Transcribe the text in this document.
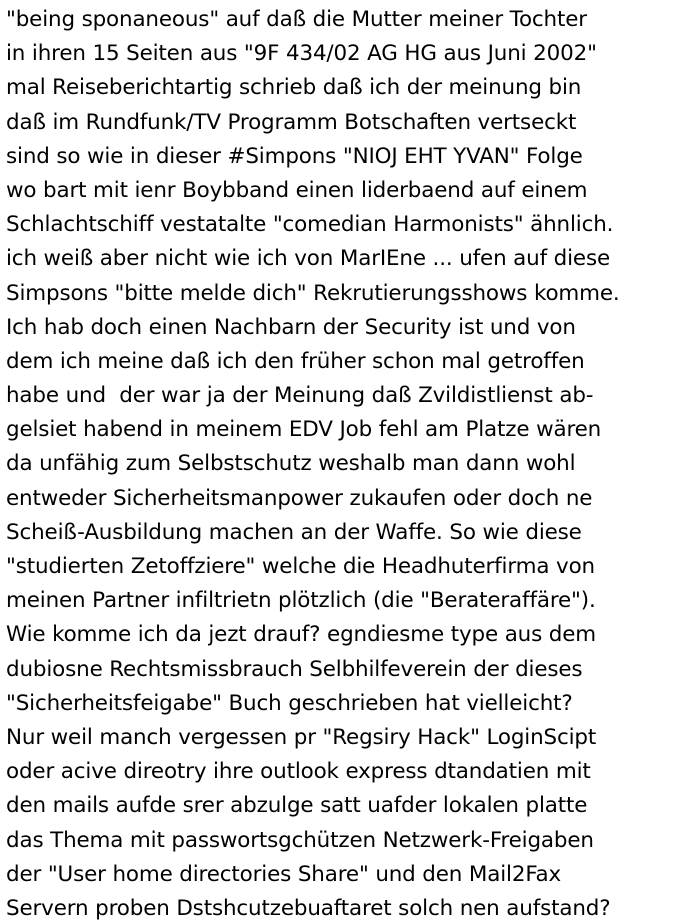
"being sponaneous" auf daß die Mutter meiner Tochter
in ihren 15 Seiten aus "9F 434/02 AG HG aus Juni 2002"
mal Reiseberichtartig schrieb daß ich der meinung bin
daß im Rundfunk/TV Programm Botschaften vertseckt
sind so wie in dieser #Simpons "NIOJ EHT YVAN" Folge
wo bart mit ienr Boybband einen liderbaend auf einem
Schlachtschiff vestatalte "comedian Harmonists" ähnlich.
ich weiß aber nicht wie ich von MarIEne ... ufen auf diese
Simpsons "bitte melde dich" Rekrutierungsshows komme.
Ich hab doch einen Nachbarn der Security ist und von
dem ich meine daß ich den früher schon mal getroffen
habe und  der war ja der Meinung daß Zvildistlienst ab-
gelsiet habend in meinem EDV Job fehl am Platze wären
da unfähig zum Selbstschutz weshalb man dann wohl
entweder Sicherheitsmanpower zukaufen oder doch ne
Scheiß-Ausbildung machen an der Waffe. So wie diese
"studierten Zetoffziere" welche die Headhuterfirma von
meinen Partner infiltrietn plötzlich (die "Berateraffäre").
Wie komme ich da jezt drauf? egndiesme type aus dem
dubiosne Rechtsmissbrauch Selbhilfeverein der dieses
"Sicherheitsfeigabe" Buch geschrieben hat vielleicht?
Nur weil manch vergessen pr "Regsiry Hack" LoginScipt
oder acive direotry ihre outlook express dtandatien mit
den mails aufde srer abzulge satt uafder lokalen platte
das Thema mit passwortsgchützen Netzwerk-Freigaben
der "User home directories Share" und den Mail2Fax
Servern proben Dstshcutzebuaftaret solch nen aufstand?
